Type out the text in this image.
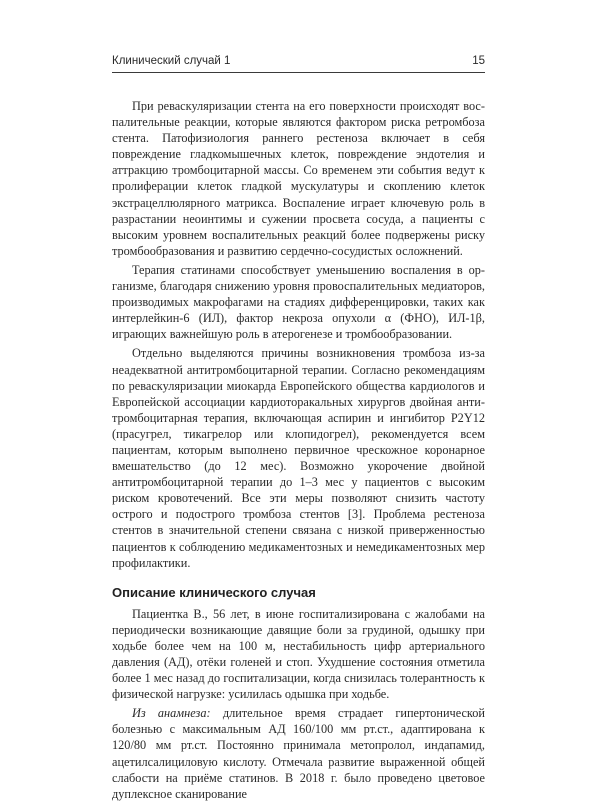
Клинический случай 1	15

При реваскуляризации стента на его поверхности происходят воспалительные реакции, которые являются фактором риска ретромбоза стента. Патофизиология раннего рестеноза включает в себя повреждение гладкомышечных клеток, повреждение эндотелия и аттракцию тромбоцитарной массы. Со временем эти события ведут к пролиферации клеток гладкой мускулатуры и скоплению клеток экстрацеллюлярного матрикса. Воспаление играет ключевую роль в разрастании неоинтимы и сужении просвета сосуда, а пациенты с высоким уровнем воспалительных реакций более подвержены риску тромбообразования и развитию сердечно-сосудистых осложнений.

Терапия статинами способствует уменьшению воспаления в организме, благодаря снижению уровня провоспалительных медиаторов, производимых макрофагами на стадиях дифференцировки, таких как интерлейкин-6 (ИЛ), фактор некроза опухоли α (ФНО), ИЛ-1β, играющих важнейшую роль в атерогенезе и тромбообразовании.

Отдельно выделяются причины возникновения тромбоза из-за неадекватной антитромбоцитарной терапии. Согласно рекомендациям по реваскуляризации миокарда Европейского общества кардиологов и Европейской ассоциации кардиоторакальных хирургов двойная антитромбоцитарная терапия, включающая аспирин и ингибитор P2Y12 (прасугрел, тикагрелор или клопидогрел), рекомендуется всем пациентам, которым выполнено первичное чрескожное коронарное вмешательство (до 12 мес). Возможно укорочение двойной антитромбоцитарной терапии до 1–3 мес у пациентов с высоким риском кровотечений. Все эти меры позволяют снизить частоту острого и подострого тромбоза стентов [3]. Проблема рестеноза стентов в значительной степени связана с низкой приверженностью пациентов к соблюдению медикаментозных и немедикаментозных мер профилактики.

Описание клинического случая

Пациентка В., 56 лет, в июне госпитализирована с жалобами на периодически возникающие давящие боли за грудиной, одышку при ходьбе более чем на 100 м, нестабильность цифр артериального давления (АД), отёки голеней и стоп. Ухудшение состояния отметила более 1 мес назад до госпитализации, когда снизилась толерантность к физической нагрузке: усилилась одышка при ходьбе.

Из анамнеза: длительное время страдает гипертонической болезнью с максимальным АД 160/100 мм рт.ст., адаптирована к 120/80 мм рт.ст. Постоянно принимала метопролол, индапамид, ацетилсалициловую кислоту. Отмечала развитие выраженной общей слабости на приёме статинов. В 2018 г. было проведено цветовое дуплексное сканирование
